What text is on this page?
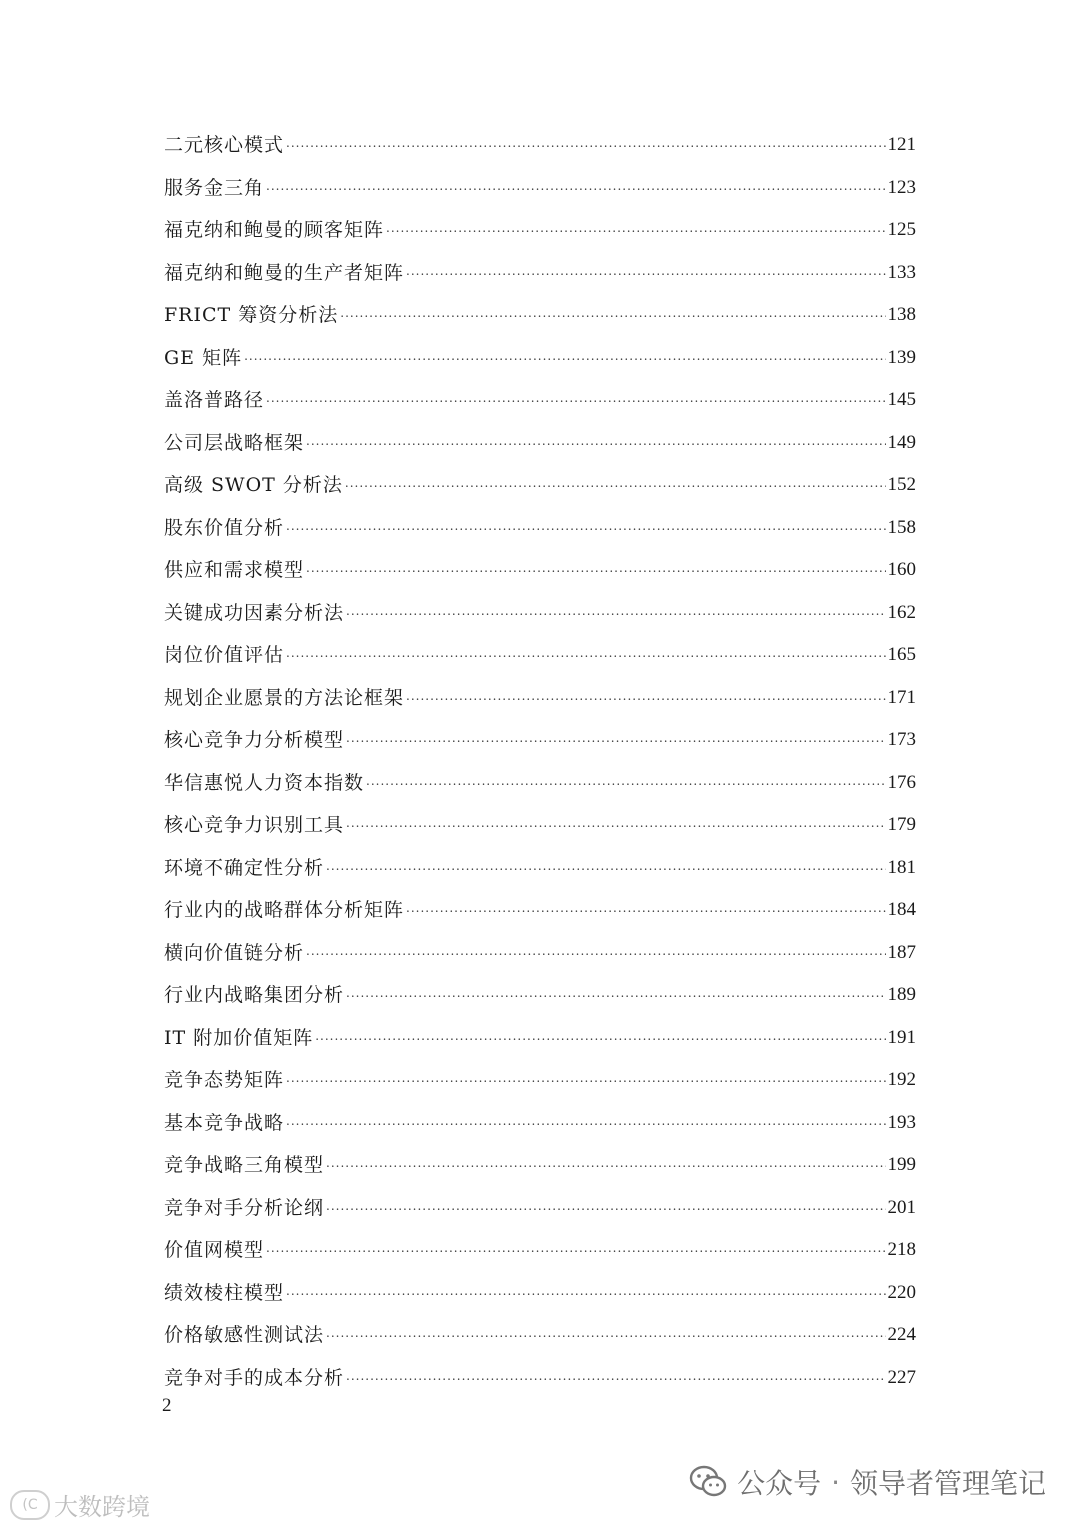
二元核心模式 .....	121
服务金三角 .....	123
福克纳和鲍曼的顾客矩阵 .....	125
福克纳和鲍曼的生产者矩阵 .....	133
FRICT 筹资分析法 .....	138
GE 矩阵 .....	139
盖洛普路径 .....	145
公司层战略框架 .....	149
高级 SWOT 分析法 .....	152
股东价值分析 .....	158
供应和需求模型 .....	160
关键成功因素分析法 .....	162
岗位价值评估 .....	165
规划企业愿景的方法论框架 .....	171
核心竞争力分析模型 .....	173
华信惠悦人力资本指数 .....	176
核心竞争力识别工具 .....	179
环境不确定性分析 .....	181
行业内的战略群体分析矩阵 .....	184
横向价值链分析 .....	187
行业内战略集团分析 .....	189
IT 附加价值矩阵 .....	191
竞争态势矩阵 .....	192
基本竞争战略 .....	193
竞争战略三角模型 .....	199
竞争对手分析论纲 .....	201
价值网模型 .....	218
绩效棱柱模型 .....	220
价格敏感性测试法 .....	224
竞争对手的成本分析 .....	227
2
(C 大数跨境
公众号 · 领导者管理笔记
